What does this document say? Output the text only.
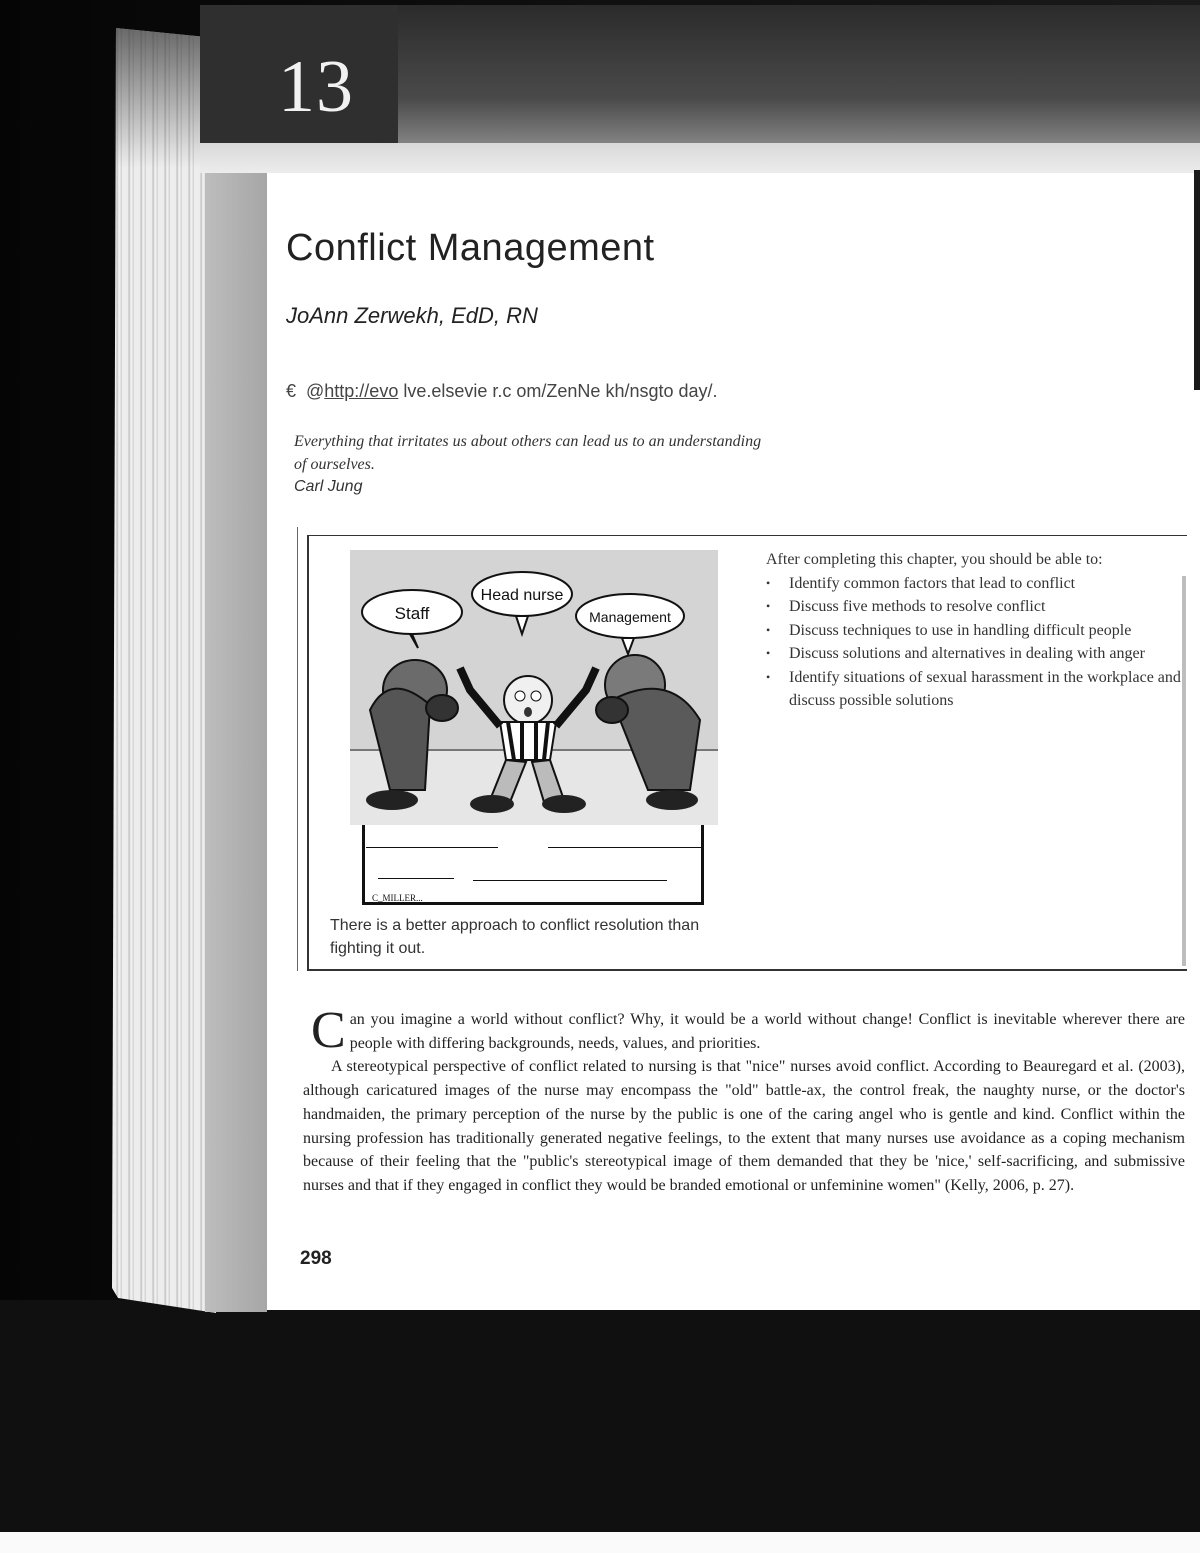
13
Conflict Management
JoAnn Zerwekh, EdD, RN
€ @http://evo lve.elsevie r.c om/ZenNe kh/nsgto day/.
Everything that irritates us about others can lead us to an understanding of ourselves.
Carl Jung
Staff
Head nurse
Management
C_MILLER...
There is a better approach to conflict resolution than fighting it out.

After completing this chapter, you should be able to:

• Identify common factors that lead to conflict
• Discuss five methods to resolve conflict
• Discuss techniques to use in handling difficult people
• Discuss solutions and alternatives in dealing with anger
• Identify situations of sexual harassment in the workplace and discuss possible solutions

Can you imagine a world without conflict? Why, it would be a world without change! Conflict is inevitable wherever there are people with differing backgrounds, needs, values, and priorities.

A stereotypical perspective of conflict related to nursing is that "nice" nurses avoid conflict. According to Beauregard et al. (2003), although caricatured images of the nurse may encompass the "old" battle-ax, the control freak, the naughty nurse, or the doctor's handmaiden, the primary perception of the nurse by the public is one of the caring angel who is gentle and kind. Conflict within the nursing profession has traditionally generated negative feelings, to the extent that many nurses use avoidance as a coping mechanism because of their feeling that the "public's stereotypical image of them demanded that they be 'nice,' self-sacrificing, and submissive nurses and that if they engaged in conflict they would be branded emotional or unfeminine women" (Kelly, 2006, p. 27).

298
